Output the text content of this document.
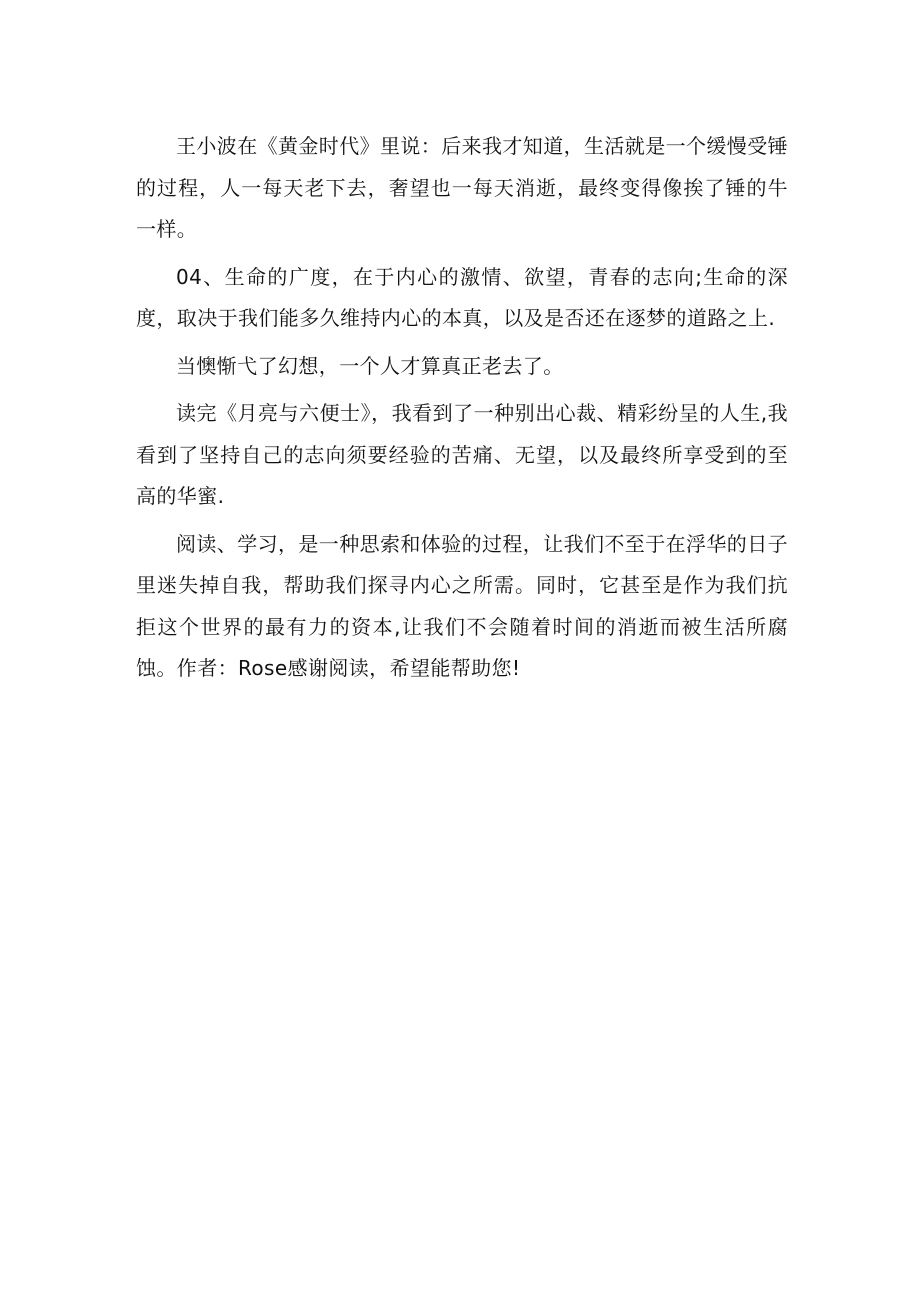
王小波在《黄金时代》里说：后来我才知道，生活就是一个缓慢受锤的过程，人一每天老下去，奢望也一每天消逝，最终变得像挨了锤的牛一样。

04、生命的广度，在于内心的激情、欲望，青春的志向;生命的深度，取决于我们能多久维持内心的本真，以及是否还在逐梦的道路之上.

当懊惭弋了幻想，一个人才算真正老去了。

读完《月亮与六便士》，我看到了一种别出心裁、精彩纷呈的人生,我看到了坚持自己的志向须要经验的苦痛、无望，以及最终所享受到的至高的华蜜.

阅读、学习，是一种思索和体验的过程，让我们不至于在浮华的日子里迷失掉自我，帮助我们探寻内心之所需。同时，它甚至是作为我们抗拒这个世界的最有力的资本,让我们不会随着时间的消逝而被生活所腐蚀。作者：Rose感谢阅读，希望能帮助您!
